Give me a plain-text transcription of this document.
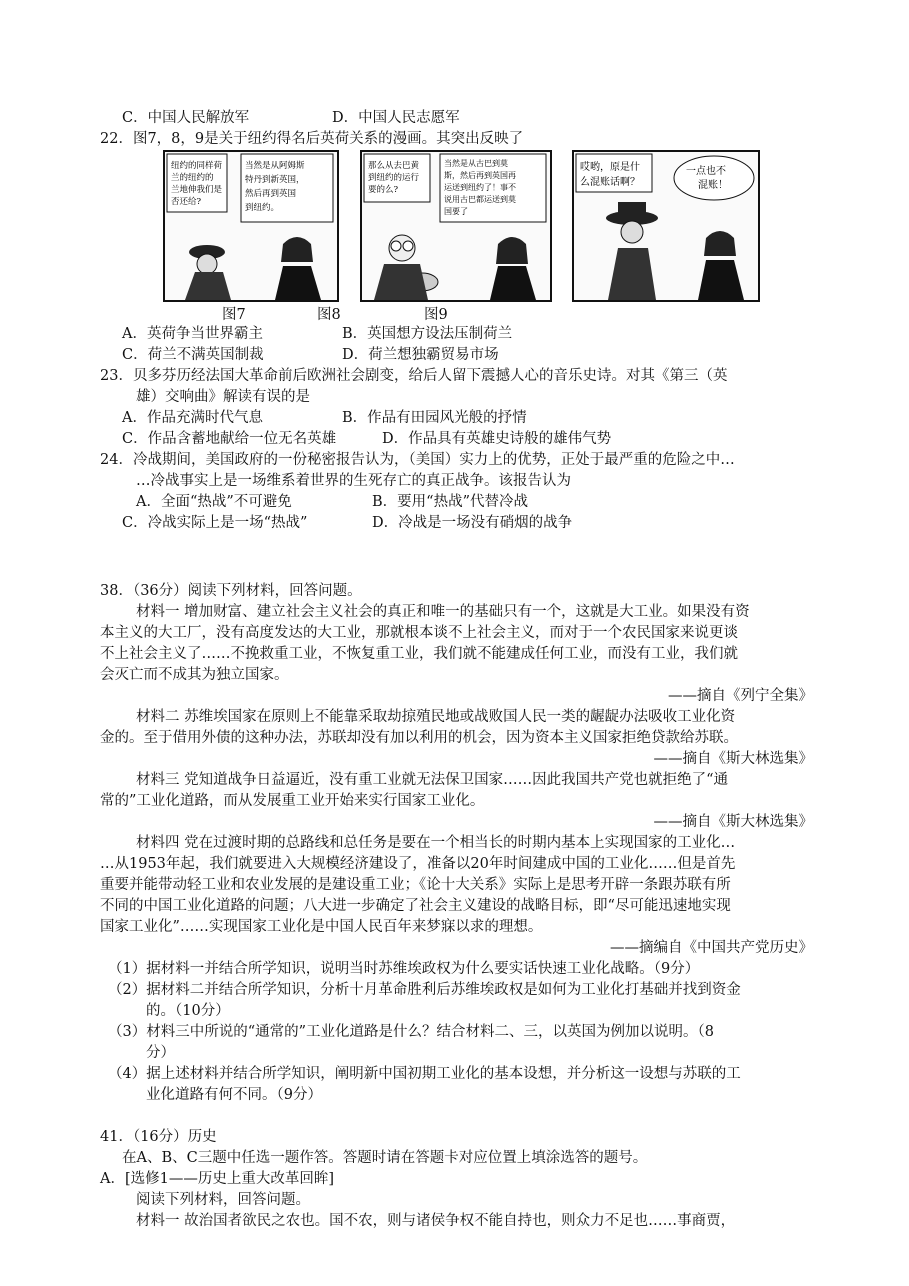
C．中国人民解放军	D．中国人民志愿军
22．图7，8，9是关于纽约得名后英荷关系的漫画。其突出反映了
纽约的同样荷
兰的纽约的
兰地伸我们是
否还给?
当然是从阿姆斯
特丹到新英国，
然后再到英国
到纽约。
那么从去巴黄
到纽约的运行
要的么?
当然是从古巴到莫
斯，然后再到英国再
运送到纽约了！事不
说用古巴都运送到莫
国要了
哎哟，原是什
么混账话啊？
一点也不
混账！
图7	图8	图9
A．英荷争当世界霸主	B．英国想方设法压制荷兰
C．荷兰不满英国制裁	D．荷兰想独霸贸易市场
23．贝多芬历经法国大革命前后欧洲社会剧变，给后人留下震撼人心的音乐史诗。对其《第三（英
雄）交响曲》解读有误的是
A．作品充满时代气息	B．作品有田园风光般的抒情
C．作品含蓄地献给一位无名英雄	D．作品具有英雄史诗般的雄伟气势
24．冷战期间，美国政府的一份秘密报告认为，（美国）实力上的优势，正处于最严重的危险之中…
…冷战事实上是一场维系着世界的生死存亡的真正战争。该报告认为
A．全面“热战”不可避免	B．要用“热战”代替冷战
C．冷战实际上是一场“热战”	D．冷战是一场没有硝烟的战争
38．（36分）阅读下列材料，回答问题。
材料一 增加财富、建立社会主义社会的真正和唯一的基础只有一个，这就是大工业。如果没有资
本主义的大工厂，没有高度发达的大工业，那就根本谈不上社会主义，而对于一个农民国家来说更谈
不上社会主义了……不挽救重工业，不恢复重工业，我们就不能建成任何工业，而没有工业，我们就
会灭亡而不成其为独立国家。
——摘自《列宁全集》
材料二 苏维埃国家在原则上不能靠采取劫掠殖民地或战败国人民一类的龌龊办法吸收工业化资
金的。至于借用外债的这种办法，苏联却没有加以利用的机会，因为资本主义国家拒绝贷款给苏联。
——摘自《斯大林选集》
材料三 党知道战争日益逼近，没有重工业就无法保卫国家……因此我国共产党也就拒绝了“通
常的”工业化道路，而从发展重工业开始来实行国家工业化。
——摘自《斯大林选集》
材料四 党在过渡时期的总路线和总任务是要在一个相当长的时期内基本上实现国家的工业化…
…从1953年起，我们就要进入大规模经济建设了，准备以20年时间建成中国的工业化……但是首先
重要并能带动轻工业和农业发展的是建设重工业；《论十大关系》实际上是思考开辟一条跟苏联有所
不同的中国工业化道路的问题；八大进一步确定了社会主义建设的战略目标，即“尽可能迅速地实现
国家工业化”……实现国家工业化是中国人民百年来梦寐以求的理想。
——摘编自《中国共产党历史》
（1）据材料一并结合所学知识，说明当时苏维埃政权为什么要实话快速工业化战略。（9分）
（2）据材料二并结合所学知识，分析十月革命胜利后苏维埃政权是如何为工业化打基础并找到资金
的。（10分）
（3）材料三中所说的“通常的”工业化道路是什么？结合材料二、三，以英国为例加以说明。（8
分）
（4）据上述材料并结合所学知识，阐明新中国初期工业化的基本设想，并分析这一设想与苏联的工
业化道路有何不同。（9分）
41．（16分）历史
在A、B、C三题中任选一题作答。答题时请在答题卡对应位置上填涂选答的题号。
A．[选修1——历史上重大改革回眸]
阅读下列材料，回答问题。
材料一 故治国者欲民之农也。国不农，则与诸侯争权不能自持也，则众力不足也……事商贾，
